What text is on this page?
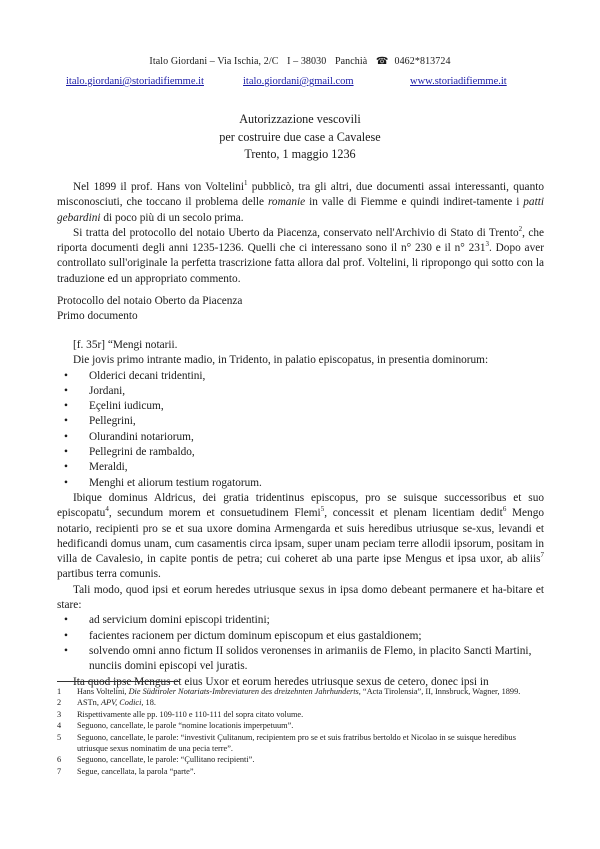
Italo Giordani – Via Ischia, 2/C I – 38030 Panchià ☎ 0462*813724
italo.giordani@storiadifiemme.it	italo.giordani@gmail.com	www.storiadifiemme.it
Autorizzazione vescovili
per costruire due case a Cavalese
Trento, 1 maggio 1236

Nel 1899 il prof. Hans von Voltelini$^1$ pubblicò, tra gli altri, due documenti assai interessanti, quanto misconosciuti, che toccano il problema delle romanie in valle di Fiemme e quindi indiret-tamente i patti gebardini di poco più di un secolo prima.

Si tratta del protocollo del notaio Uberto da Piacenza, conservato nell'Archivio di Stato di Trento$^2$, che riporta documenti degli anni 1235-1236. Quelli che ci interessano sono il n° 230 e il n° $231^3$. Dopo aver controllato sull'originale la perfetta trascrizione fatta allora dal prof. Voltelini, li ripropongo qui sotto con la traduzione ed un appropriato commento.

Protocollo del notaio Oberto da Piacenza
Primo documento

[f. 35r] “Mengi notarii.

Die jovis primo intrante madio, in Tridento, in palatio episcopatus, in presentia dominorum:

• Olderici decani tridentini,
• Jordani,
• Eçelini iudicum,
• Pellegrini,
• Olurandini notariorum,
• Pellegrini de rambaldo,
• Meraldi,
• Menghi et aliorum testium rogatorum.

Ibique dominus Aldricus, dei gratia tridentinus episcopus, pro se suisque successoribus et suo episcopatu$^4$, secundum morem et consuetudinem Flemi$^5$, concessit et plenam licentiam dedit$^6$ Mengo notario, recipienti pro se et sua uxore domina Armengarda et suis heredibus utriusque se-xus, levandi et hedificandi domus unam, cum casamentis circa ipsam, super unam peciam terre allodii ipsorum, positam in villa de Cavalesio, in capite pontis de petra; cui coheret ab una parte ipse Mengus et ipsa uxor, ab aliis$^7$ partibus terra comunis.

Tali modo, quod ipsi et eorum heredes utriusque sexus in ipsa domo debeant permanere et ha-bitare et stare:

• ad servicium domini episcopi tridentini;
• facientes racionem per dictum dominum episcopum et eius gastaldionem;
• solvendo omni anno fictum II solidos veronenses in arimaniis de Flemo, in placito Sancti Martini, nunciis domini episcopi vel juratis.

Ita quod ipse Mengus et eius Uxor et eorum heredes utriusque sexus de cetero, donec ipsi in

1	Hans Voltelini, Die Südtiroler Notariats-Imbreviaturen des dreizehnten Jahrhunderts, “Acta Tirolensia”, II, Innsbruck, Wagner, 1899.
2	ASTn, APV, Codici, 18.
3	Rispettivamente alle pp. 109-110 e 110-111 del sopra citato volume.
4	Seguono, cancellate, le parole “nomine locationis imperpetuum”.
5	Seguono, cancellate, le parole: “investivit Çulitanum, recipientem pro se et suis fratribus bertoldo et Nicolao in se suisque heredibus utriusque sexus nominatim de una pecia terre”.
6	Seguono, cancellate, le parole: “Çullitano recipienti”.
7	Segue, cancellata, la parola “parte”.
